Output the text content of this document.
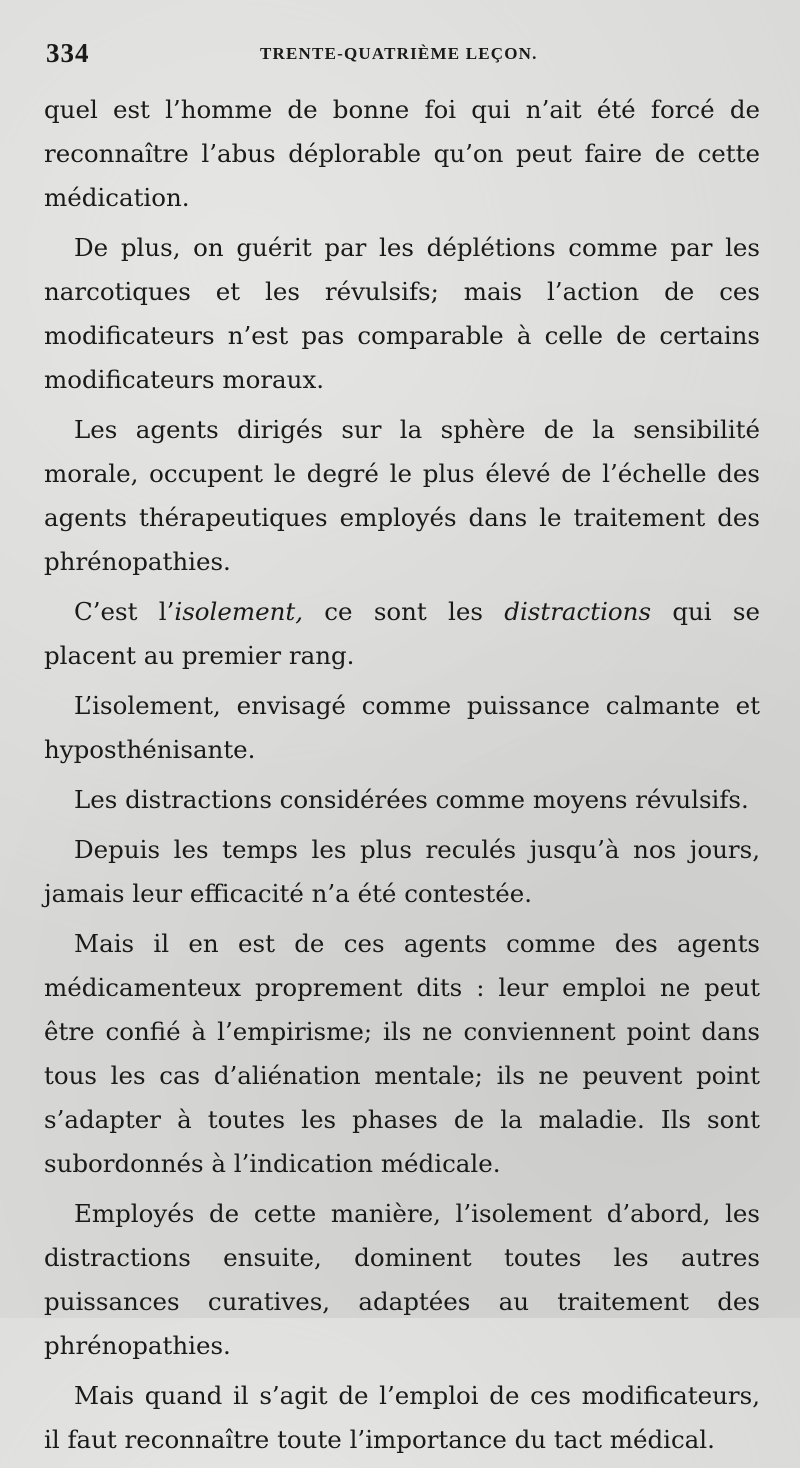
334	TRENTE-QUATRIÈME LEÇON.

quel est l’homme de bonne foi qui n’ait été forcé de reconnaître l’abus déplorable qu’on peut faire de cette médication.

De plus, on guérit par les déplétions comme par les narcotiques et les révulsifs; mais l’action de ces modificateurs n’est pas comparable à celle de certains modificateurs moraux.

Les agents dirigés sur la sphère de la sensibilité morale, occupent le degré le plus élevé de l’échelle des agents thérapeutiques employés dans le traitement des phrénopathies.

C’est l’isolement, ce sont les distractions qui se placent au premier rang.

L’isolement, envisagé comme puissance calmante et hyposthénisante.

Les distractions considérées comme moyens révulsifs.

Depuis les temps les plus reculés jusqu’à nos jours, jamais leur efficacité n’a été contestée.

Mais il en est de ces agents comme des agents médicamenteux proprement dits : leur emploi ne peut être confié à l’empirisme; ils ne conviennent point dans tous les cas d’aliénation mentale; ils ne peuvent point s’adapter à toutes les phases de la maladie. Ils sont subordonnés à l’indication médicale.

Employés de cette manière, l’isolement d’abord, les distractions ensuite, dominent toutes les autres puissances curatives, adaptées au traitement des phrénopathies.

Mais quand il s’agit de l’emploi de ces modificateurs, il faut reconnaître toute l’importance du tact médical.
